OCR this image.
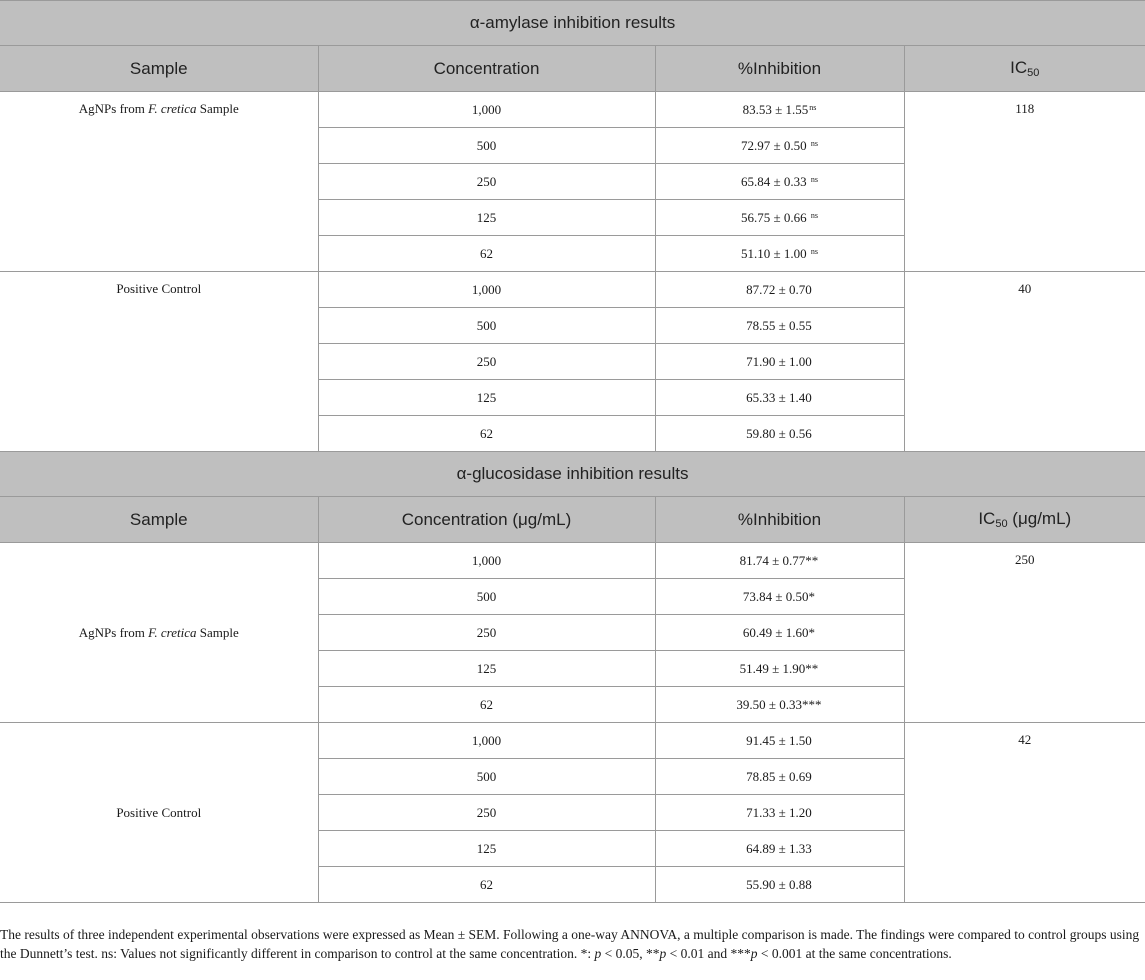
α-amylase inhibition results			
Sample	Concentration	%Inhibition	$IC_{50}$
AgNPs from F. cretica Sample	1,000	$83.53 \pm 1.55^{ns}$	118
	500	72.97 ± 0.50 $^{ns}$
	250	65.84 ± 0.33 $^{ns}$
	125	56.75 ± 0.66 $^{ns}$
	62	51.10 ± 1.00 $^{ns}$
Positive Control	1,000	87.72 ± 0.70	40
	500	78.55 ± 0.55	
	250	71.90 ± 1.00	
	125	65.33 ± 1.40	
	62	59.80 ± 0.56	
α-glucosidase inhibition results			
Sample	Concentration (μg/mL)	%Inhibition	$IC_{50}$ (μg/mL)
AgNPs from F. cretica Sample	1,000	81.74 ± 0.77**	250
	500	73.84 ± 0.50*	
	250	60.49 ± 1.60*	
	125	51.49 ± 1.90**	
	62	39.50 ± 0.33***	
Positive Control	1,000	91.45 ± 1.50	42
	500	78.85 ± 0.69	
	250	71.33 ± 1.20	
	125	64.89 ± 1.33	
	62	55.90 ± 0.88	

The results of three independent experimental observations were expressed as Mean ± SEM. Following a one-way ANNOVA, a multiple comparison is made. The findings were compared to control groups using the Dunnett’s test. ns: Values not significantly different in comparison to control at the same concentration. *: p < 0.05, **p < 0.01 and ***p < 0.001 at the same concentrations.
